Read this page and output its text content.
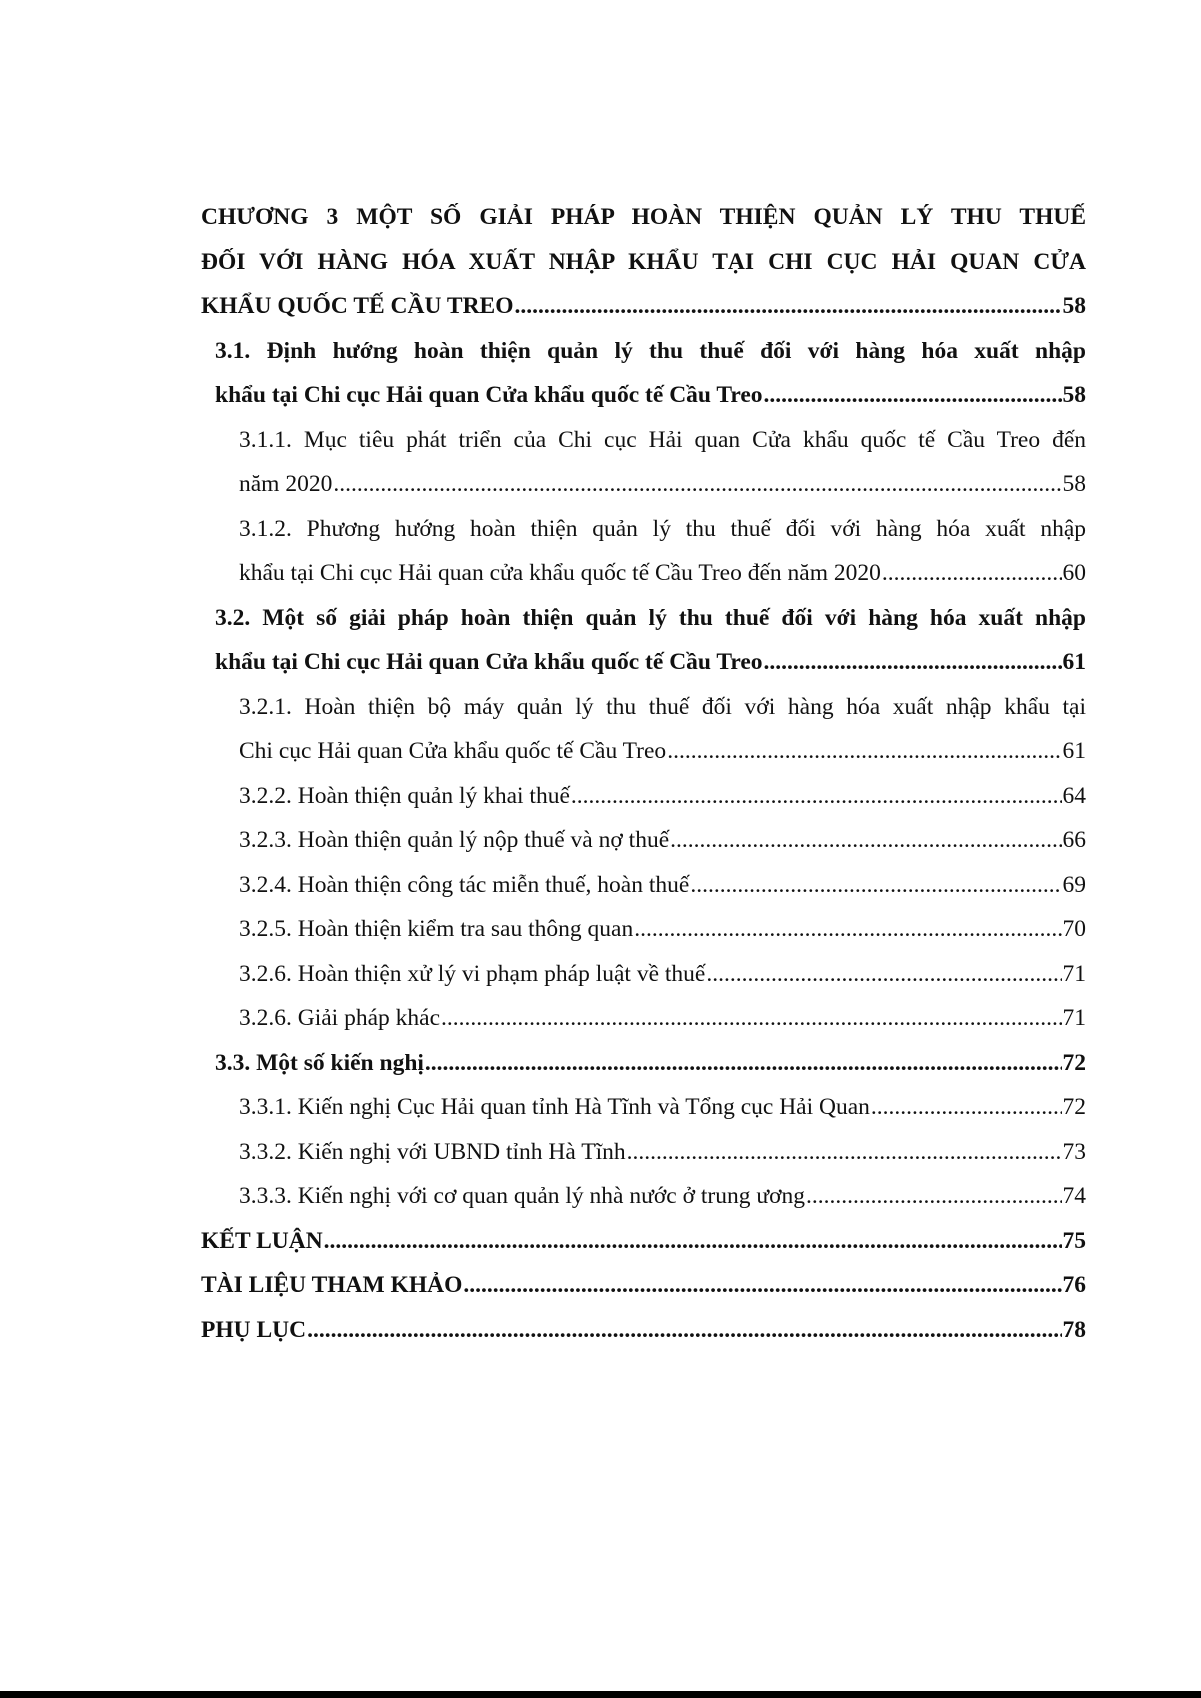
CHƯƠNG 3 MỘT SỐ GIẢI PHÁP HOÀN THIỆN QUẢN LÝ THU THUẾ
ĐỐI VỚI HÀNG HÓA XUẤT NHẬP KHẨU TẠI CHI CỤC HẢI QUAN CỬA
KHẨU QUỐC TẾ CẦU TREO .....	58
3.1. Định hướng hoàn thiện quản lý thu thuế đối với hàng hóa xuất nhập
khẩu tại Chi cục Hải quan Cửa khẩu quốc tế Cầu Treo .....	58
3.1.1. Mục tiêu phát triển của Chi cục Hải quan Cửa khẩu quốc tế Cầu Treo đến
năm 2020 .....	58
3.1.2. Phương hướng hoàn thiện quản lý thu thuế đối với hàng hóa xuất nhập
khẩu tại Chi cục Hải quan cửa khẩu quốc tế Cầu Treo đến năm 2020 .....	60
3.2. Một số giải pháp hoàn thiện quản lý thu thuế đối với hàng hóa xuất nhập
khẩu tại Chi cục Hải quan Cửa khẩu quốc tế Cầu Treo .....	61
3.2.1. Hoàn thiện bộ máy quản lý thu thuế đối với hàng hóa xuất nhập khẩu tại
Chi cục Hải quan Cửa khẩu quốc tế Cầu Treo .....	61
3.2.2. Hoàn thiện quản lý khai thuế .....	64
3.2.3. Hoàn thiện quản lý nộp thuế và nợ thuế .....	66
3.2.4. Hoàn thiện công tác miễn thuế, hoàn thuế .....	69
3.2.5. Hoàn thiện kiểm tra sau thông quan .....	70
3.2.6. Hoàn thiện xử lý vi phạm pháp luật về thuế .....	71
3.2.6. Giải pháp khác .....	71
3.3. Một số kiến nghị .....	72
3.3.1. Kiến nghị Cục Hải quan tỉnh Hà Tĩnh và Tổng cục Hải Quan .....	72
3.3.2. Kiến nghị với UBND tỉnh Hà Tĩnh .....	73
3.3.3. Kiến nghị với cơ quan quản lý nhà nước ở trung ương .....	74
KẾT LUẬN .....	75
TÀI LIỆU THAM KHẢO .....	76
PHỤ LỤC .....	78
